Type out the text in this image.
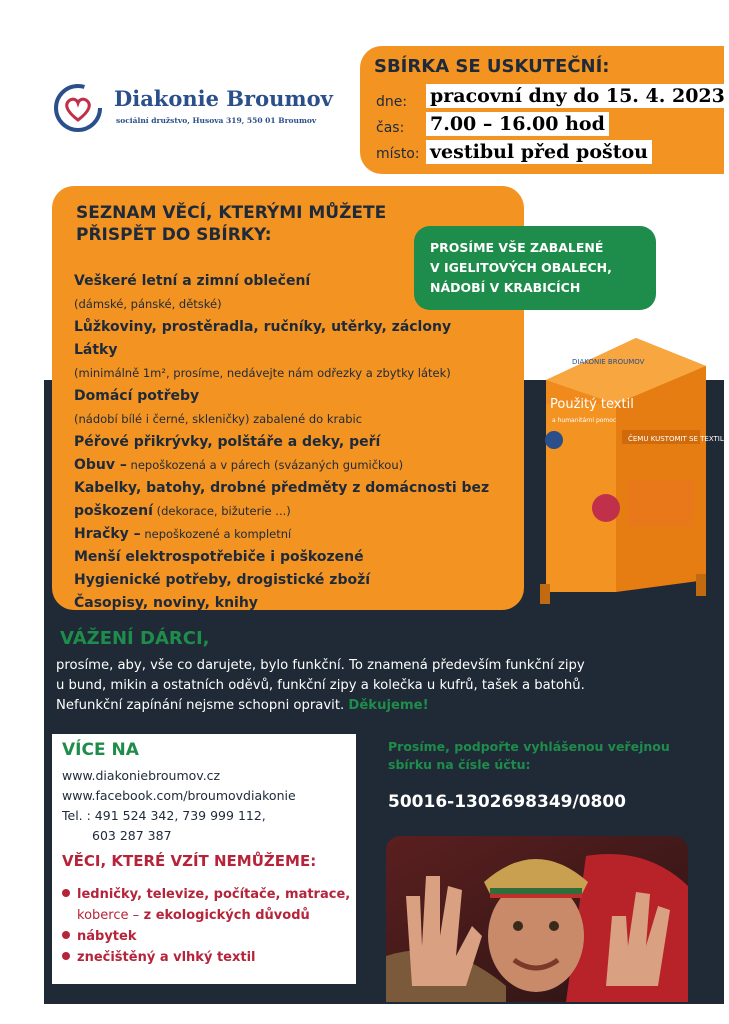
Diakonie Broumov
sociální družstvo, Husova 319, 550 01 Broumov
SBÍRKA SE USKUTEČNÍ:
dne: pracovní dny do 15. 4. 2023
čas: 7.00 – 16.00 hod
místo: vestibul před poštou
ČEMU KUSTOMIT SE TEXTIL
DIAKONIE BROUMOV
Použitý textil
a humanitární pomoc
SEZNAM VĚCÍ, KTERÝMI MŮŽETE PŘISPĚT DO SBÍRKY:
Veškeré letní a zimní oblečení
(dámské, pánské, dětské)
Lůžkoviny, prostěradla, ručníky, utěrky, záclony
Látky
(minimálně 1m², prosíme, nedávejte nám odřezky a zbytky látek)
Domácí potřeby
(nádobí bílé i černé, skleničky) zabalené do krabic
Péřové přikrývky, polštáře a deky, peří
Obuv – nepoškozená a v párech (svázaných gumičkou)
Kabelky, batohy, drobné předměty z domácnosti bez
poškození (dekorace, bižuterie ...)
Hračky – nepoškozené a kompletní
Menší elektrospotřebiče i poškozené
Hygienické potřeby, drogistické zboží
Časopisy, noviny, knihy
PROSÍME VŠE ZABALENÉ
V IGELITOVÝCH OBALECH,
NÁDOBÍ V KRABICÍCH
VÁŽENÍ DÁRCI,
prosíme, aby, vše co darujete, bylo funkční. To znamená především funkční zipy
u bund, mikin a ostatních oděvů, funkční zipy a kolečka u kufrů, tašek a batohů.
Nefunkční zapínání nejsme schopni opravit. Děkujeme!
VÍCE NA
www.diakoniebroumov.cz
www.facebook.com/broumovdiakonie
Tel. : 491 524 342, 739 999 112,
603 287 387
VĚCI, KTERÉ VZÍT NEMŮŽEME:
ledničky, televize, počítače, matrace,
koberce – z ekologických důvodů
nábytek
znečištěný a vlhký textil
Prosíme, podpořte vyhlášenou veřejnou sbírku na čísle účtu:
50016-1302698349/0800
